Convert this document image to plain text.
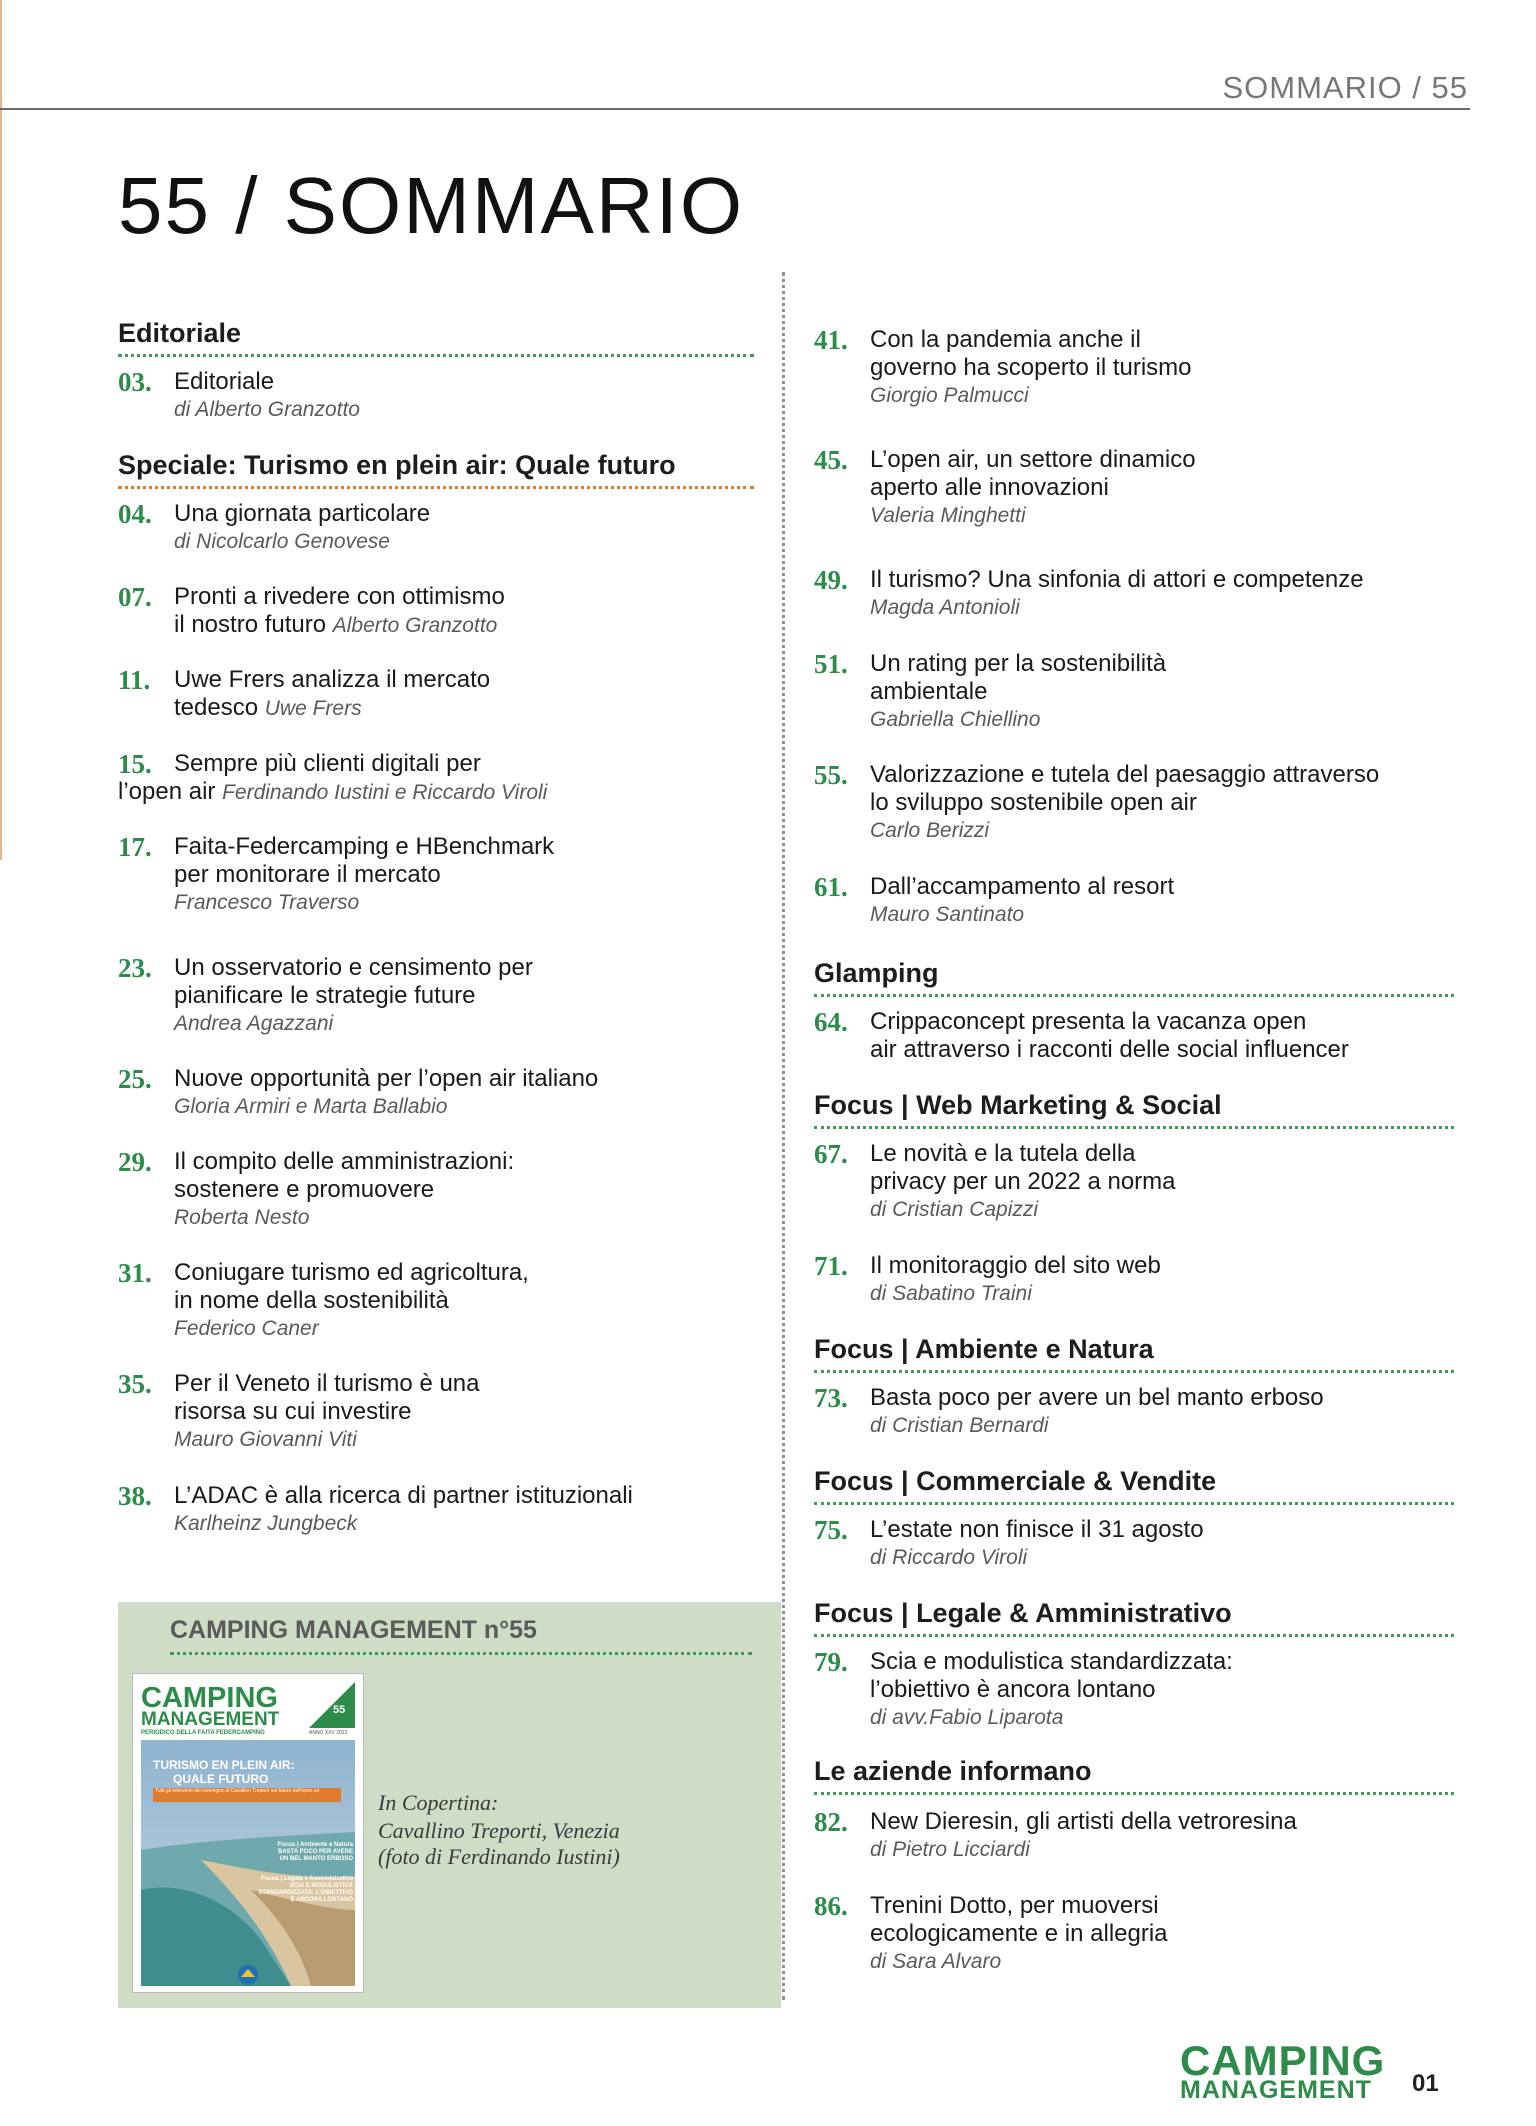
SOMMARIO / 55
55 / SOMMARIO
Editoriale
03. Editoriale
di Alberto Granzotto
Speciale: Turismo en plein air: Quale futuro
04. Una giornata particolare
di Nicolcarlo Genovese
07. Pronti a rivedere con ottimismo
il nostro futuro Alberto Granzotto
11. Uwe Frers analizza il mercato
tedesco Uwe Frers
15. Sempre più clienti digitali per
l’open air Ferdinando Iustini e Riccardo Viroli
17. Faita-Federcamping e HBenchmark
per monitorare il mercato
Francesco Traverso
23. Un osservatorio e censimento per
pianificare le strategie future
Andrea Agazzani
25. Nuove opportunità per l’open air italiano
Gloria Armiri e Marta Ballabio
29. Il compito delle amministrazioni:
sostenere e promuovere
Roberta Nesto
31. Coniugare turismo ed agricoltura,
in nome della sostenibilità
Federico Caner
35. Per il Veneto il turismo è una
risorsa su cui investire
Mauro Giovanni Viti
38. L’ADAC è alla ricerca di partner istituzionali
Karlheinz Jungbeck
CAMPING MANAGEMENT n°55
CAMPING
MANAGEMENT	55
PERIODICO DELLA FAITA FEDERCAMPING	ANNO XXV 2022
TURISMO EN PLEIN AIR:
QUALE FUTURO
Tutti gli interventi del convegno di Cavallino Treporti sul futuro dell'open air
Focus | Ambiente e Natura
BASTA POCO PER AVERE
UN BEL MANTO ERBOSO
Focus | Legale e Amministrativo
SCIA E MODULISTICA
STANDARDIZZATA: L'OBIETTIVO
È ANCORA LONTANO
In Copertina:
Cavallino Treporti, Venezia
(foto di Ferdinando Iustini)
41. Con la pandemia anche il
governo ha scoperto il turismo
Giorgio Palmucci
45. L’open air, un settore dinamico
aperto alle innovazioni
Valeria Minghetti
49. Il turismo? Una sinfonia di attori e competenze
Magda Antonioli
51. Un rating per la sostenibilità
ambientale
Gabriella Chiellino
55. Valorizzazione e tutela del paesaggio attraverso
lo sviluppo sostenibile open air
Carlo Berizzi
61. Dall’accampamento al resort
Mauro Santinato
Glamping
64. Crippaconcept presenta la vacanza open
air attraverso i racconti delle social influencer
Focus | Web Marketing & Social
67. Le novità e la tutela della
privacy per un 2022 a norma
di Cristian Capizzi
71. Il monitoraggio del sito web
di Sabatino Traini
Focus | Ambiente e Natura
73. Basta poco per avere un bel manto erboso
di Cristian Bernardi
Focus | Commerciale & Vendite
75. L’estate non finisce il 31 agosto
di Riccardo Viroli
Focus | Legale & Amministrativo
79. Scia e modulistica standardizzata:
l’obiettivo è ancora lontano
di avv.Fabio Liparota
Le aziende informano
82. New Dieresin, gli artisti della vetroresina
di Pietro Licciardi
86. Trenini Dotto, per muoversi
ecologicamente e in allegria
di Sara Alvaro
CAMPING
MANAGEMENT	01
